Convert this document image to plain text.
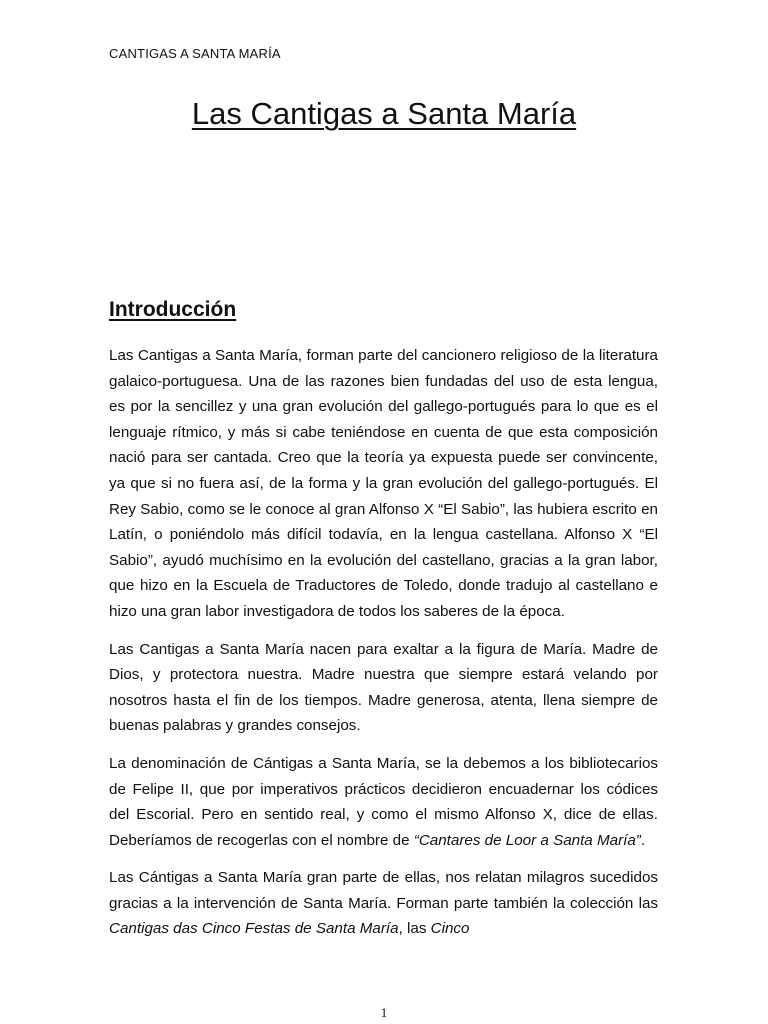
CANTIGAS A SANTA MARÍA
Las Cantigas a Santa María
Introducción

Las Cantigas a Santa María, forman parte del cancionero religioso de la literatura galaico-portuguesa. Una de las razones bien fundadas del uso de esta lengua, es por la sencillez y una gran evolución del gallego-portugués para lo que es el lenguaje rítmico, y más si cabe teniéndose en cuenta de que esta composición nació para ser cantada. Creo que la teoría ya expuesta puede ser convincente, ya que si no fuera así, de la forma y la gran evolución del gallego-portugués. El Rey Sabio, como se le conoce al gran Alfonso X “El Sabio”, las hubiera escrito en Latín, o poniéndolo más difícil todavía, en la lengua castellana. Alfonso X “El Sabio”, ayudó muchísimo en la evolución del castellano, gracias a la gran labor, que hizo en la Escuela de Traductores de Toledo, donde tradujo al castellano e hizo una gran labor investigadora de todos los saberes de la época.

Las Cantigas a Santa María nacen para exaltar a la figura de María. Madre de Dios, y protectora nuestra. Madre nuestra que siempre estará velando por nosotros hasta el fin de los tiempos. Madre generosa, atenta, llena siempre de buenas palabras y grandes consejos.

La denominación de Cántigas a Santa María, se la debemos a los bibliotecarios de Felipe II, que por imperativos prácticos decidieron encuadernar los códices del Escorial. Pero en sentido real, y como el mismo Alfonso X, dice de ellas. Deberíamos de recogerlas con el nombre de “Cantares de Loor a Santa María”.

Las Cántigas a Santa María gran parte de ellas, nos relatan milagros sucedidos gracias a la intervención de Santa María. Forman parte también la colección las Cantigas das Cinco Festas de Santa María, las Cinco

1
